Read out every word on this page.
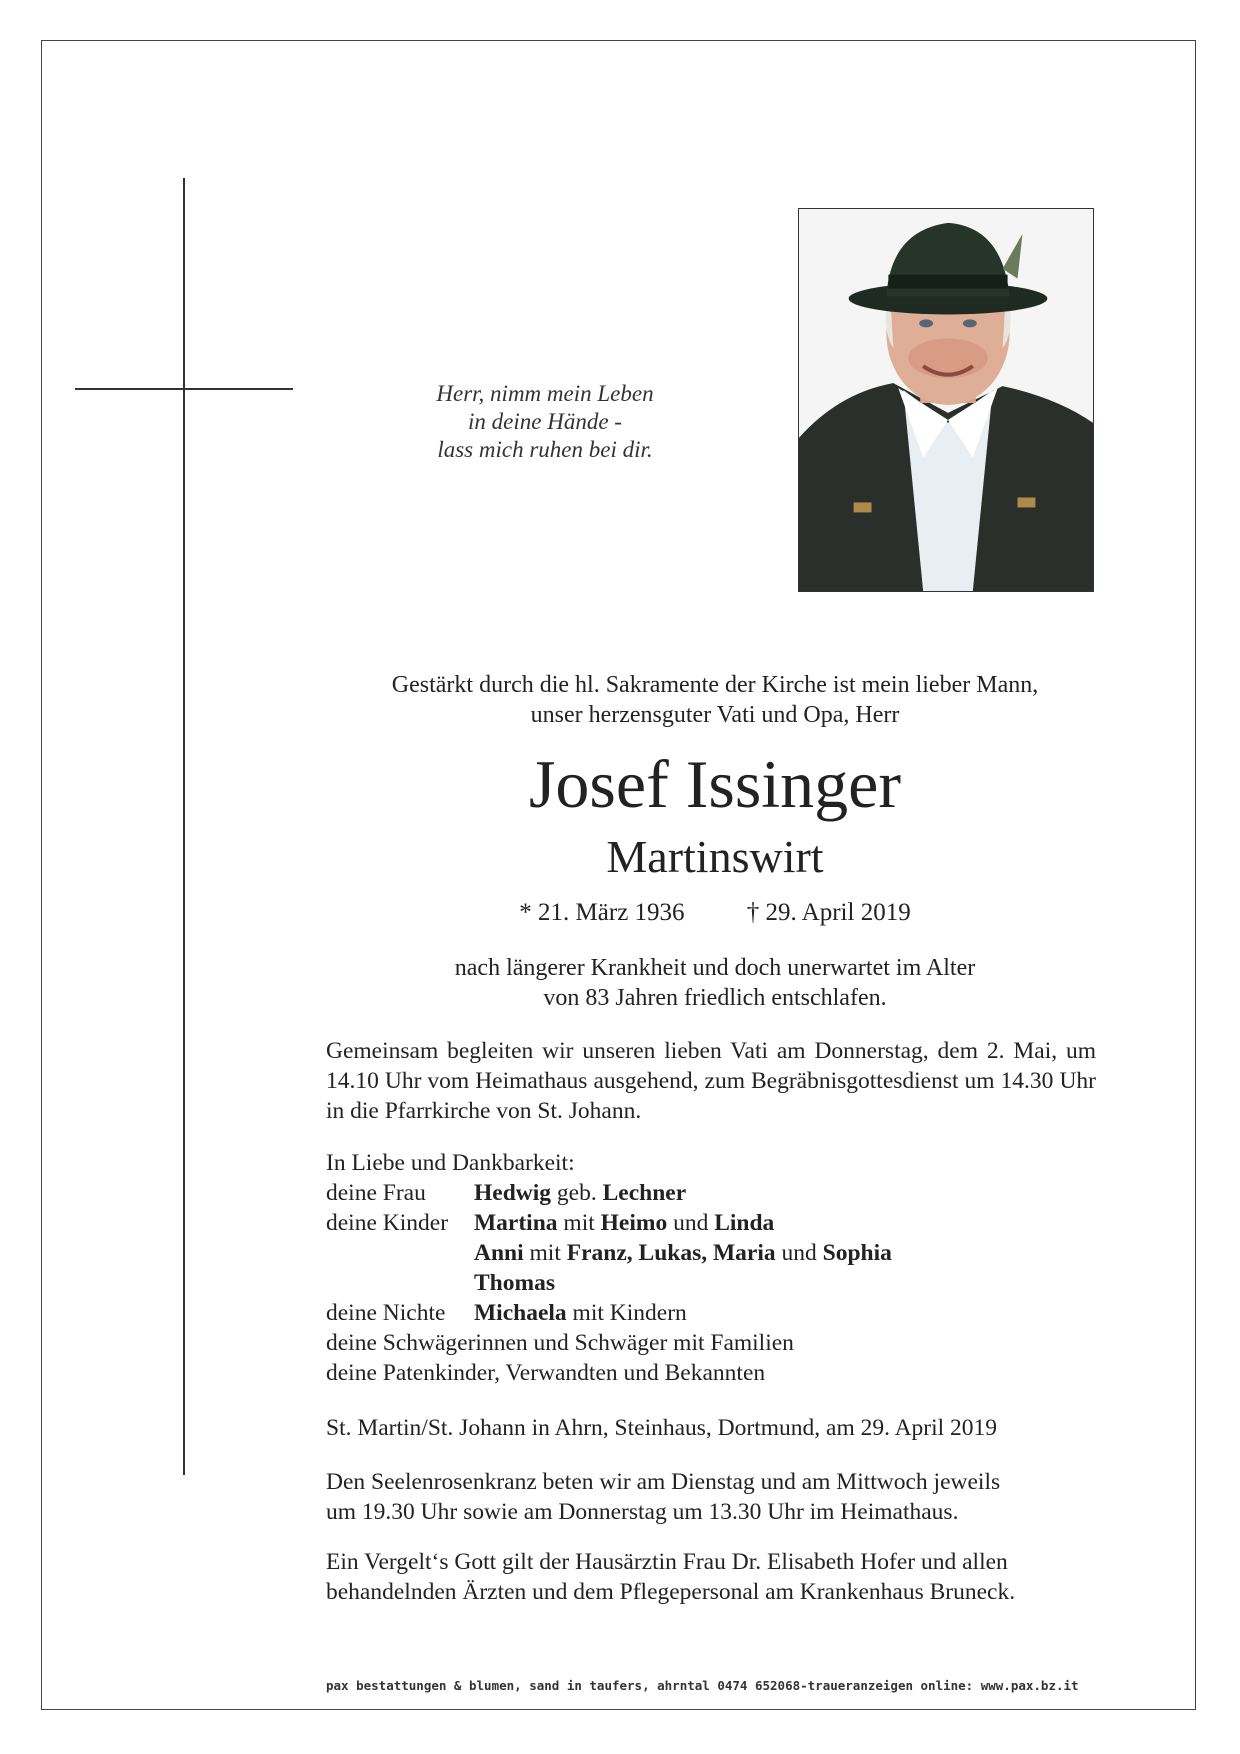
Herr, nimm mein Leben
in deine Hände -
lass mich ruhen bei dir.
Gestärkt durch die hl. Sakramente der Kirche ist mein lieber Mann,
unser herzensguter Vati und Opa, Herr
Josef Issinger
Martinswirt
* 21. März 1936 † 29. April 2019
nach längerer Krankheit und doch unerwartet im Alter
von 83 Jahren friedlich entschlafen.
Gemeinsam begleiten wir unseren lieben Vati am Donnerstag, dem 2. Mai, um 14.10 Uhr vom Heimathaus ausgehend, zum Begräbnisgottesdienst um 14.30 Uhr in die Pfarrkirche von St. Johann.
In Liebe und Dankbarkeit:
deine Frau	Hedwig geb. Lechner
deine Kinder	Martina mit Heimo und Linda
Anni mit Franz, Lukas, Maria und Sophia
Thomas
deine Nichte	Michaela mit Kindern
deine Schwägerinnen und Schwäger mit Familien
deine Patenkinder, Verwandten und Bekannten
St. Martin/St. Johann in Ahrn, Steinhaus, Dortmund, am 29. April 2019
Den Seelenrosenkranz beten wir am Dienstag und am Mittwoch jeweils
um 19.30 Uhr sowie am Donnerstag um 13.30 Uhr im Heimathaus.
Ein Vergelt‘s Gott gilt der Hausärztin Frau Dr. Elisabeth Hofer und allen
behandelnden Ärzten und dem Pflegepersonal am Krankenhaus Bruneck.
pax bestattungen & blumen, sand in taufers, ahrntal 0474 652068-traueranzeigen online: www.pax.bz.it
